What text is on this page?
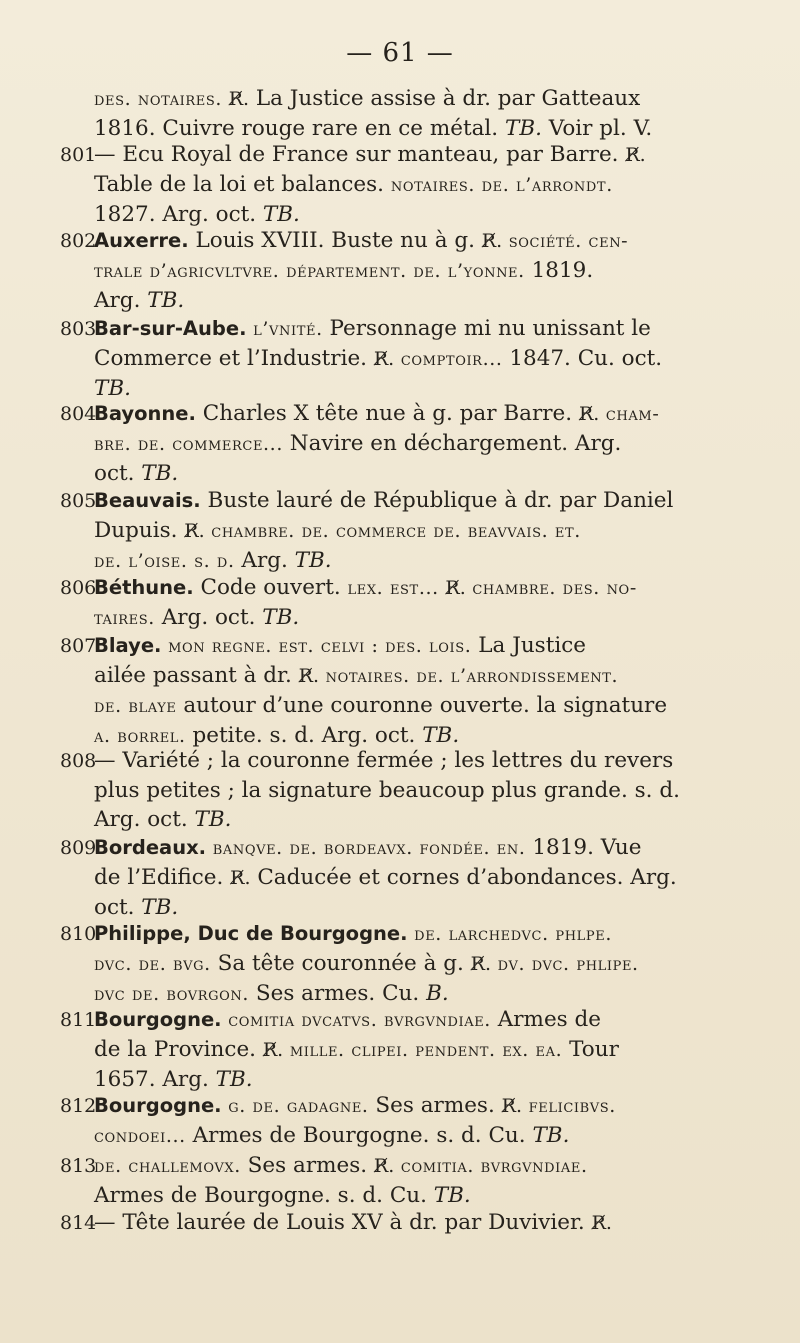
— 61 —
des. notaires. R̸. La Justice assise à dr. par Gatteaux
1816. Cuivre rouge rare en ce métal. TB. Voir pl. V.
801— Ecu Royal de France sur manteau, par Barre. R̸.
Table de la loi et balances. notaires. de. l’arrondt.
1827. Arg. oct. TB.
802Auxerre. Louis XVIII. Buste nu à g. R̸. société. cen-
trale d’agricvltvre. département. de. l’yonne. 1819.
Arg. TB.
803Bar-sur-Aube. l’vnité. Personnage mi nu unissant le
Commerce et l’Industrie. R̸. comptoir... 1847. Cu. oct.
TB.
804Bayonne. Charles X tête nue à g. par Barre. R̸. cham-
bre. de. commerce... Navire en déchargement. Arg.
oct. TB.
805Beauvais. Buste lauré de République à dr. par Daniel
Dupuis. R̸. chambre. de. commerce de. beavvais. et.
de. l’oise. s. d. Arg. TB.
806Béthune. Code ouvert. lex. est... R̸. chambre. des. no-
taires. Arg. oct. TB.
807Blaye. mon regne. est. celvi : des. lois. La Justice
ailée passant à dr. R̸. notaires. de. l’arrondissement.
de. blaye autour d’une couronne ouverte. la signature
a. borrel. petite. s. d. Arg. oct. TB.
808— Variété ; la couronne fermée ; les lettres du revers
plus petites ; la signature beaucoup plus grande. s. d.
Arg. oct. TB.
809Bordeaux. banqve. de. bordeavx. fondée. en. 1819. Vue
de l’Edifice. R̸. Caducée et cornes d’abondances. Arg.
oct. TB.
810Philippe, Duc de Bourgogne. de. larchedvc. phlpe.
dvc. de. bvg. Sa tête couronnée à g. R̸. dv. dvc. phlipe.
dvc de. bovrgon. Ses armes. Cu. B.
811Bourgogne. comitia dvcatvs. bvrgvndiae. Armes de
de la Province. R̸. mille. clipei. pendent. ex. ea. Tour
1657. Arg. TB.
812Bourgogne. g. de. gadagne. Ses armes. R̸. felicibvs.
condoei... Armes de Bourgogne. s. d. Cu. TB.
813de. challemovx. Ses armes. R̸. comitia. bvrgvndiae.
Armes de Bourgogne. s. d. Cu. TB.
814— Tête laurée de Louis XV à dr. par Duvivier. R̸.
